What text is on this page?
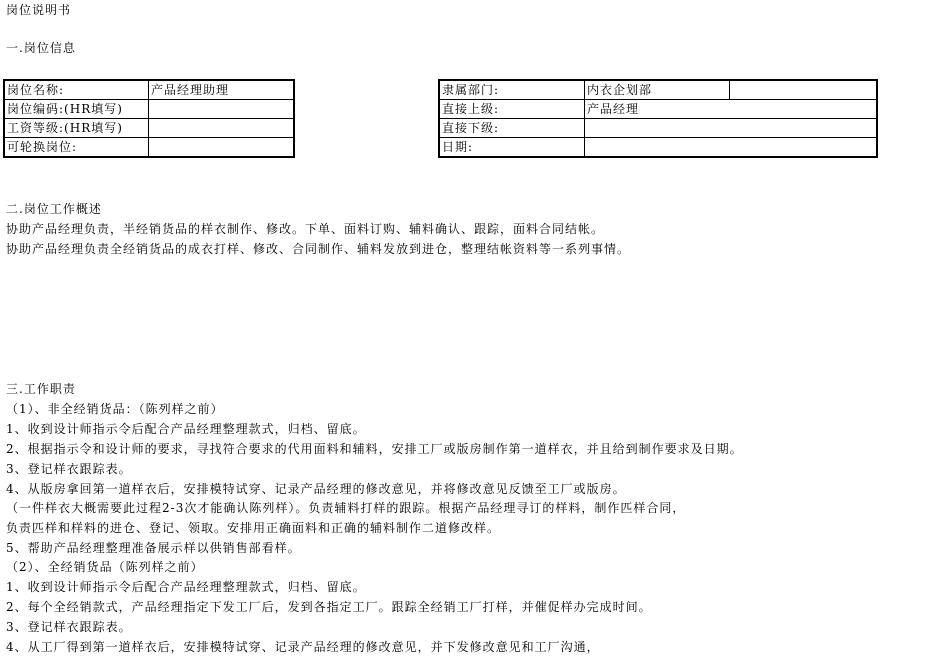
岗位说明书
一.岗位信息
岗位名称:	产品经理助理
岗位编码:(HR填写)	
工资等级:(HR填写)	
可轮换岗位:	
隶属部门:	内衣企划部	
直接上级:	产品经理	
直接下级:		
日期:		
二.岗位工作概述
协助产品经理负责，半经销货品的样衣制作、修改。下单、面料订购、辅料确认、跟踪，面料合同结帐。
协助产品经理负责全经销货品的成衣打样、修改、合同制作、辅料发放到进仓，整理结帐资料等一系列事情。
三.工作职责
（1）、非全经销货品：（陈列样之前）
1、收到设计师指示令后配合产品经理整理款式，归档、留底。
2、根据指示令和设计师的要求，寻找符合要求的代用面料和辅料，安排工厂或版房制作第一道样衣，并且给到制作要求及日期。
3、登记样衣跟踪表。
4、从版房拿回第一道样衣后，安排模特试穿、记录产品经理的修改意见，并将修改意见反馈至工厂或版房。
（一件样衣大概需要此过程2-3次才能确认陈列样）。负责辅料打样的跟踪。根据产品经理寻订的样料，制作匹样合同，
负责匹样和样料的进仓、登记、领取。安排用正确面料和正确的辅料制作二道修改样。
5、帮助产品经理整理准备展示样以供销售部看样。
（2）、全经销货品（陈列样之前）
1、收到设计师指示令后配合产品经理整理款式，归档、留底。
2、每个全经销款式，产品经理指定下发工厂后，发到各指定工厂。跟踪全经销工厂打样，并催促样办完成时间。
3、登记样衣跟踪表。
4、从工厂得到第一道样衣后，安排模特试穿、记录产品经理的修改意见，并下发修改意见和工厂沟通，
